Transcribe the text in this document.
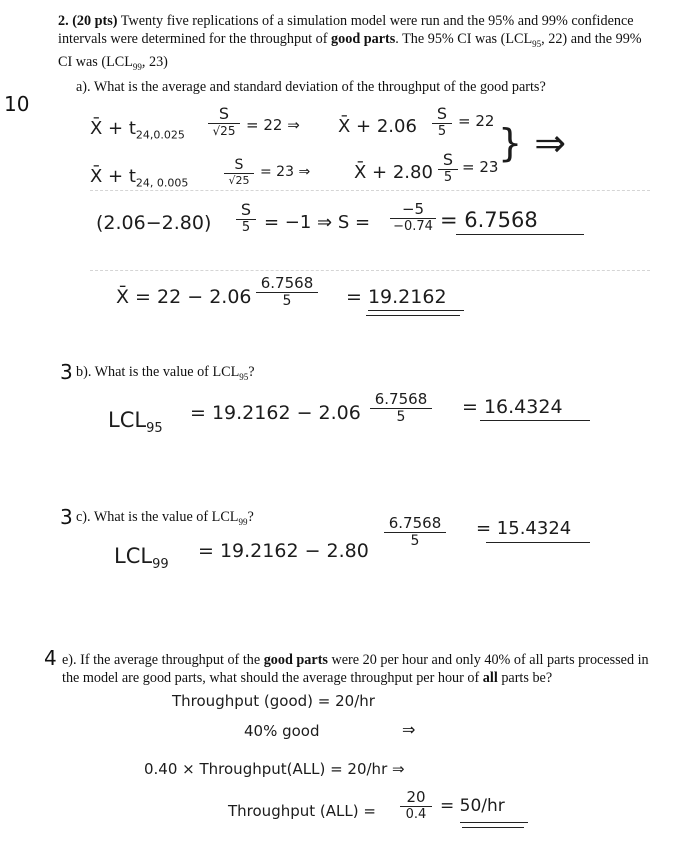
2. (20 pts) Twenty five replications of a simulation model were run and the 95% and 99% confidence intervals were determined for the throughput of good parts. The 95% CI was ($LCL_{95}$, 22) and the 99% CI was ($LCL_{99}$, 23)
a). What is the average and standard deviation of the throughput of the good parts?
10
X̄ + $t_{24,0.025}$
S
√25 = 22 ⇒ X̄ + 2.06
S
5
= 22
X̄ + $t_{24, 0.005}$
S
√25
= 23 ⇒ X̄ + 2.80
S
5
= 23
} ⇒
(2.06−2.80)
S
5 = −1 ⇒ $S = \frac{-5}{-0.74} = 6.7568$
X̄ = $22 - 2.06 \frac{6.7568}{5} = 19.2162$
3 b). What is the value of $LCL_{95}$?
$LCL_{95}$
= $19.2162 - 2.06 \frac{6.7568}{5} = 16.4324$
3 c). What is the value of $LCL_{99}$?
$LCL_{99}$
= 19.2162 − 2.80
$\frac{6.7568}{5} = 15.4324$
4 e). If the average throughput of the good parts were 20 per hour and only 40% of all parts processed in the model are good parts, what should the average throughput per hour of all parts be?
Throughput (good) = 20/hr
40% good	⇒
0.40 × Throughput(ALL) = 20/hr ⇒
Throughput $(ALL) = \frac{20}{0.4} = 50/hr$
